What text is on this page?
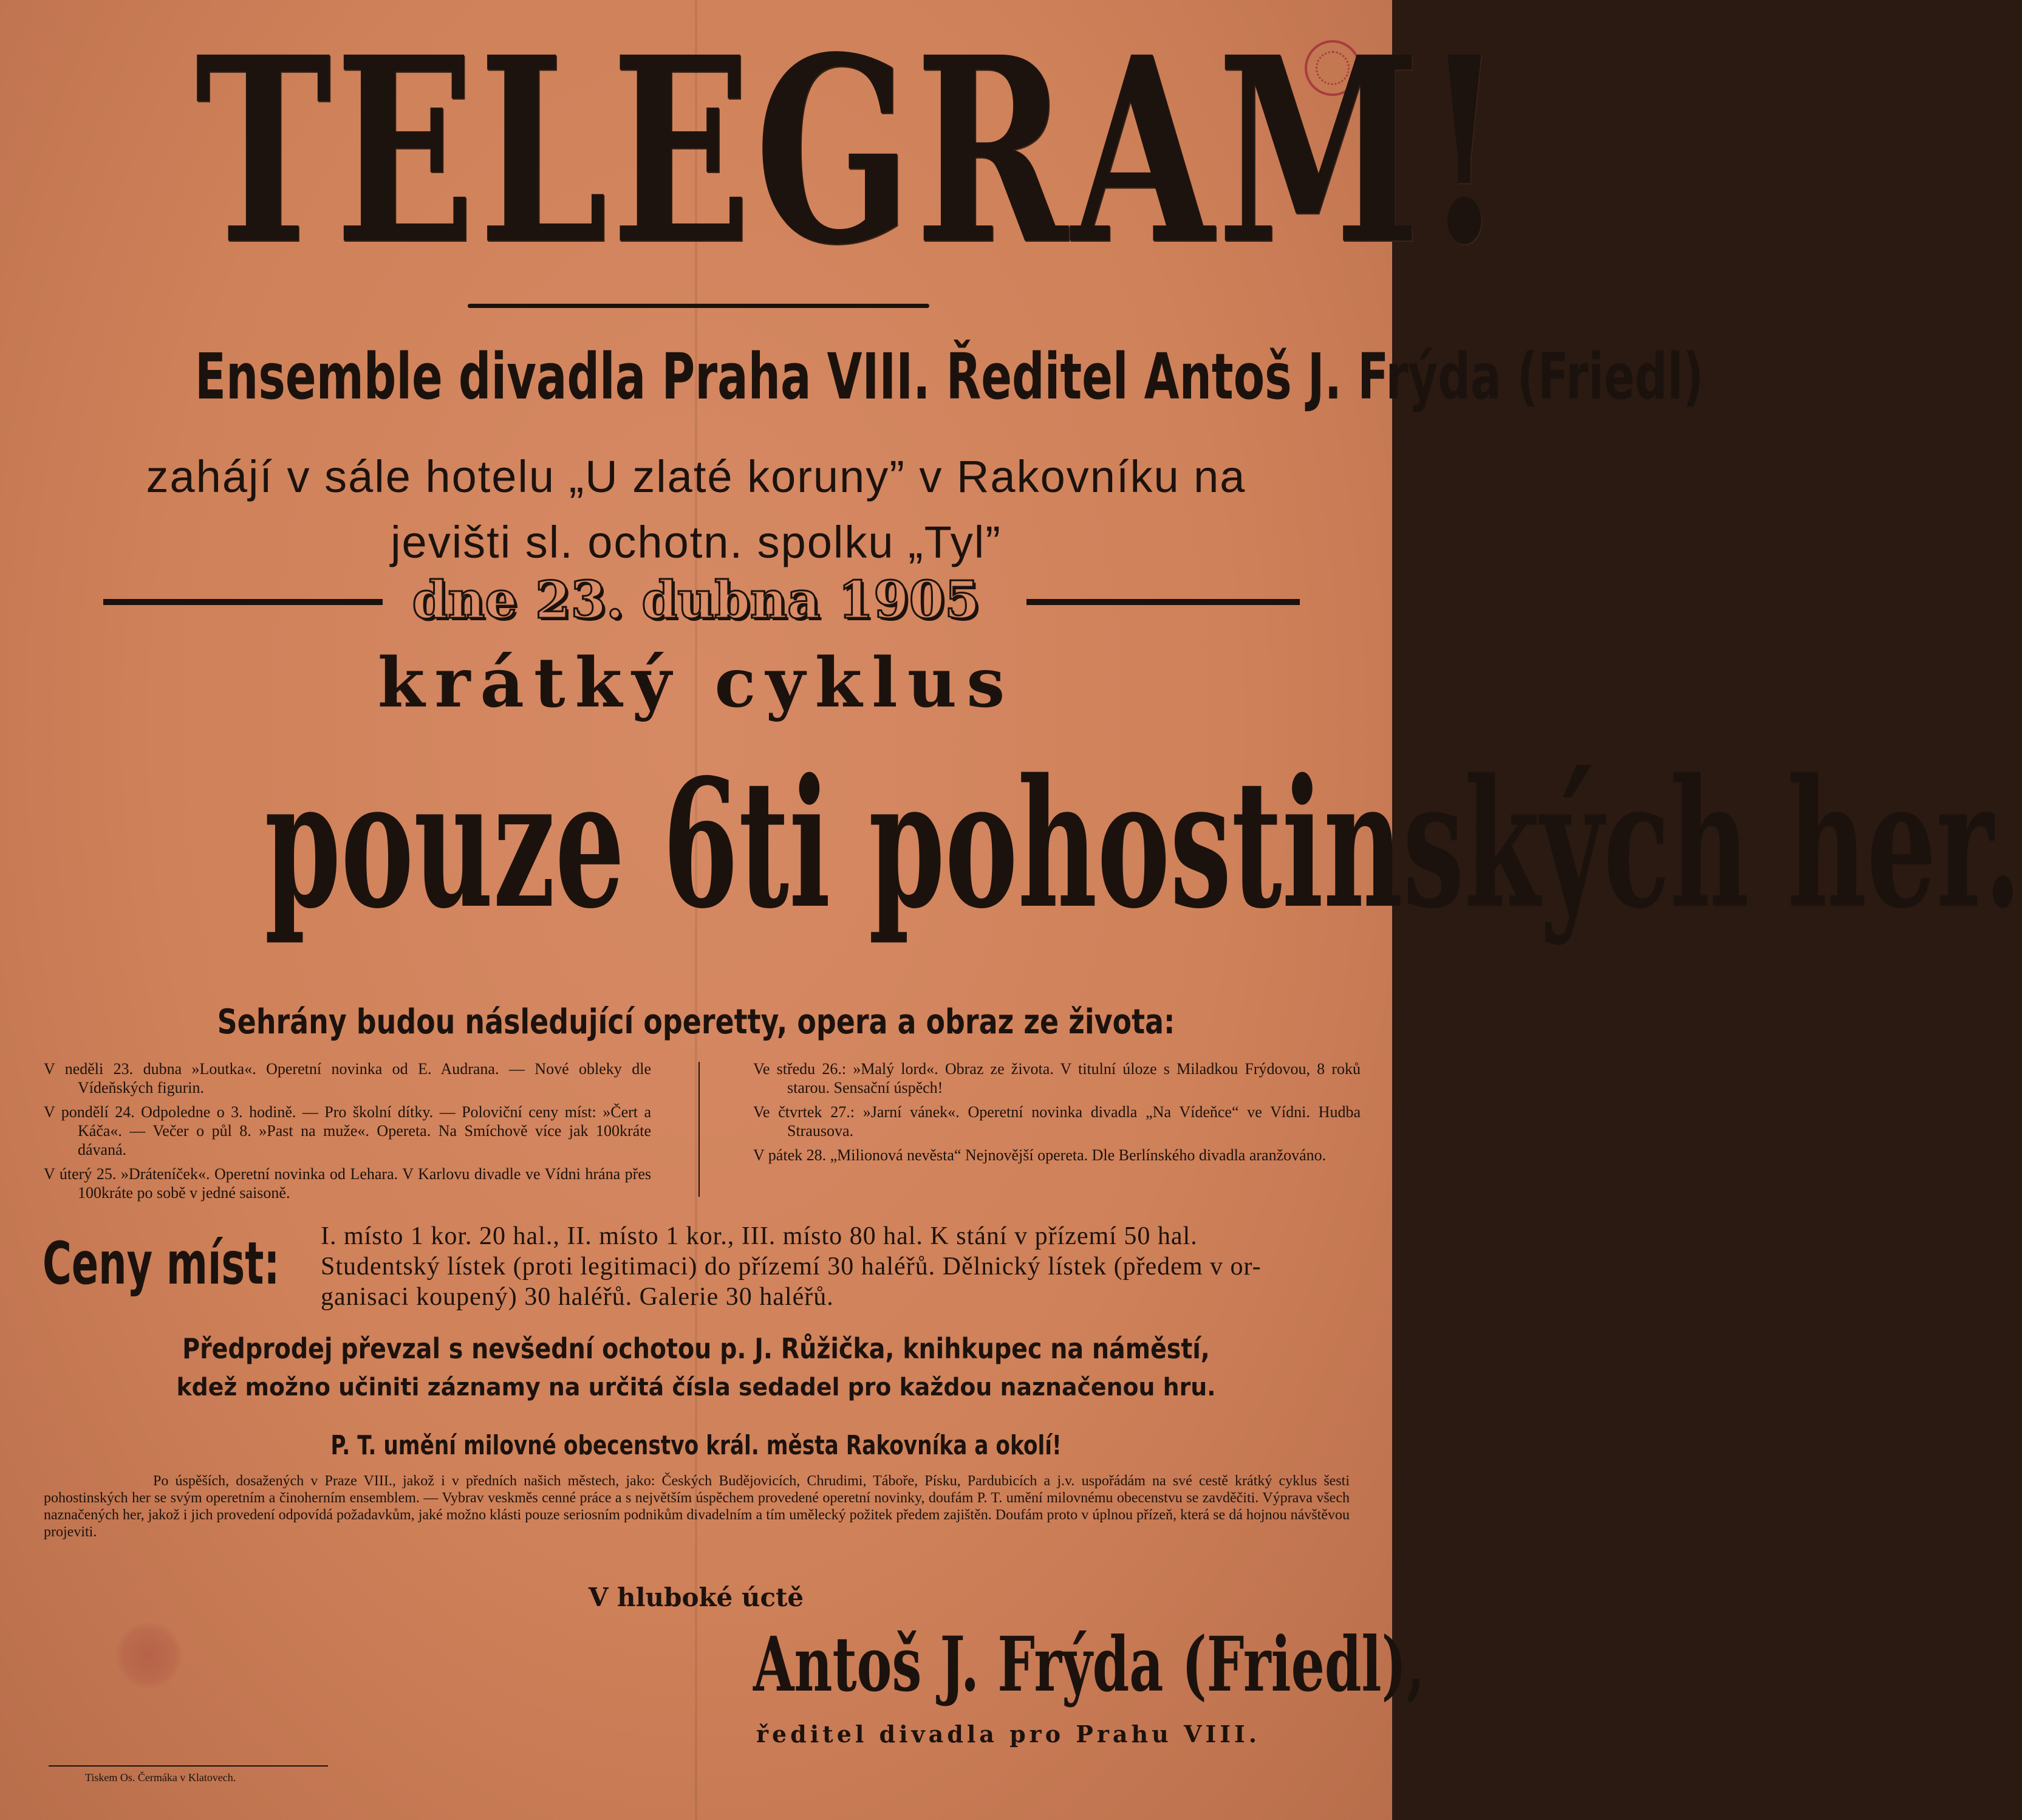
TELEGRAM!
Ensemble divadla Praha VIII. Ředitel Antoš J. Frýda (Friedl)
zahájí v sále hotelu „U zlaté koruny” v Rakovníku na
jevišti sl. ochotn. spolku „Tyl”
dne 23. dubna 1905
krátký cyklus
pouze 6ti pohostinských her.
Sehrány budou následující operetty, opera a obraz ze života:

V neděli 23. dubna »Loutka«. Operetní novinka od E. Audrana. — Nové obleky dle Vídeňských figurin.

V pondělí 24. Odpoledne o 3. hodině. — Pro školní dítky. — Poloviční ceny míst: »Čert a Káča«. — Večer o půl 8. »Past na muže«. Opereta. Na Smíchově více jak 100kráte dávaná.

V úterý 25. »Dráteníček«. Operetní novinka od Lehara. V Karlovu divadle ve Vídni hrána přes 100kráte po sobě v jedné saisoně.

Ve středu 26.: »Malý lord«. Obraz ze života. V titulní úloze s Miladkou Frýdovou, 8 roků starou. Sensační úspěch!

Ve čtvrtek 27.: »Jarní vánek«. Operetní novinka divadla „Na Vídeňce“ ve Vídni. Hudba Strausova.

V pátek 28. „Milionová nevěsta“ Nejnovější opereta. Dle Berlínského divadla aranžováno.

Ceny míst: I. místo 1 kor. 20 hal., II. místo 1 kor., III. místo 80 hal. K stání v přízemí 50 hal.
Studentský lístek (proti legitimaci) do přízemí 30 haléřů. Dělnický lístek (předem v or-
ganisaci koupený) 30 haléřů. Galerie 30 haléřů.
Předprodej převzal s nevšední ochotou p. J. Růžička, knihkupec na náměstí,
kdež možno učiniti záznamy na určitá čísla sedadel pro každou naznačenou hru.
P. T. umění milovné obecenstvo král. města Rakovníka a okolí!
Po úspěších, dosažených v Praze VIII., jakož i v předních našich městech, jako: Českých Budějovicích, Chrudimi, Táboře, Písku, Pardubicích a j.v. uspořádám na své cestě krátký cyklus šesti pohostinských her se svým operetním a činoherním ensemblem. — Vybrav veskměs cenné práce a s největším úspěchem provedené operetní novinky, doufám P. T. umění milovnému obecenstvu se zavděčiti. Výprava všech naznačených her, jakož i jich provedení odpovídá požadavkům, jaké možno klásti pouze seriosním podnikům divadelním a tím umělecký požitek předem zajištěn. Doufám proto v úplnou přízeň, která se dá hojnou návštěvou projeviti.
V hluboké úctě
Antoš J. Frýda (Friedl),
ředitel divadla pro Prahu VIII.
Tiskem Os. Čermáka v Klatovech.
